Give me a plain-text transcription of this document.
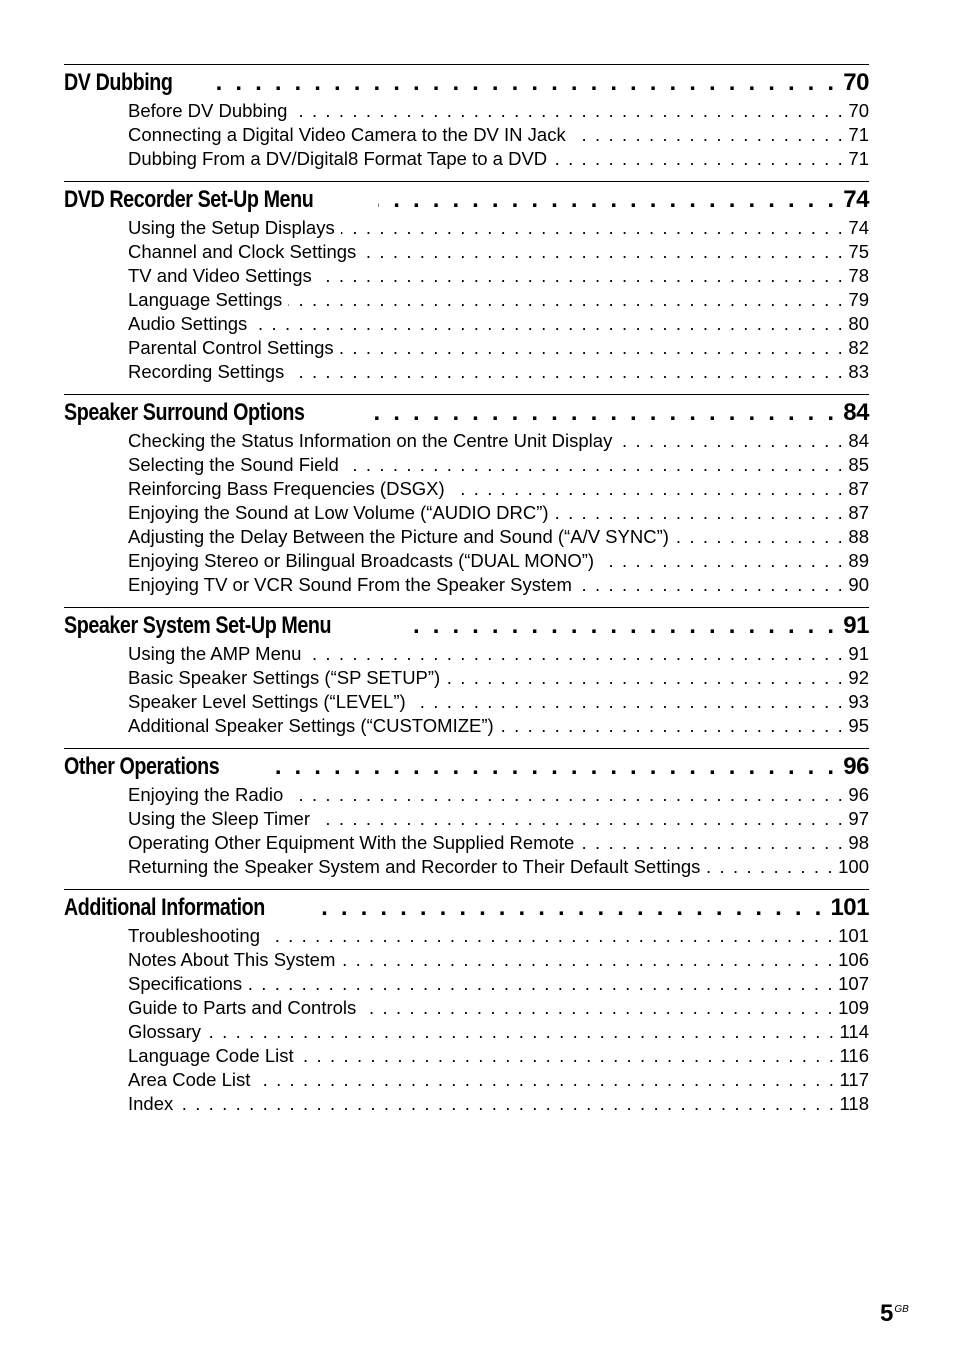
DV Dubbing . . .	70
Before DV Dubbing . . .	70
Connecting a Digital Video Camera to the DV IN Jack . . .	71
Dubbing From a DV/Digital8 Format Tape to a DVD . . .	71
DVD Recorder Set-Up Menu . . .	74
Using the Setup Displays . . .	74
Channel and Clock Settings . . .	75
TV and Video Settings . . .	78
Language Settings . . .	79
Audio Settings . . .	80
Parental Control Settings . . .	82
Recording Settings . . .	83
Speaker Surround Options . . .	84
Checking the Status Information on the Centre Unit Display . . .	84
Selecting the Sound Field . . .	85
Reinforcing Bass Frequencies (DSGX) . . .	87
Enjoying the Sound at Low Volume (“AUDIO DRC”) . . .	87
Adjusting the Delay Between the Picture and Sound (“A/V SYNC”) . . .	88
Enjoying Stereo or Bilingual Broadcasts (“DUAL MONO”) . . .	89
Enjoying TV or VCR Sound From the Speaker System . . .	90
Speaker System Set-Up Menu . . .	91
Using the AMP Menu . . .	91
Basic Speaker Settings (“SP SETUP”) . . .	92
Speaker Level Settings (“LEVEL”) . . .	93
Additional Speaker Settings (“CUSTOMIZE”) . . .	95
Other Operations . . .	96
Enjoying the Radio . . .	96
Using the Sleep Timer . . .	97
Operating Other Equipment With the Supplied Remote . . .	98
Returning the Speaker System and Recorder to Their Default Settings . . .	100
Additional Information . . .	101
Troubleshooting . . .	101
Notes About This System . . .	106
Specifications . . .	107
Guide to Parts and Controls . . .	109
Glossary . . .	114
Language Code List . . .	116
Area Code List . . .	117
Index . . .	118
$5^{GB}$
